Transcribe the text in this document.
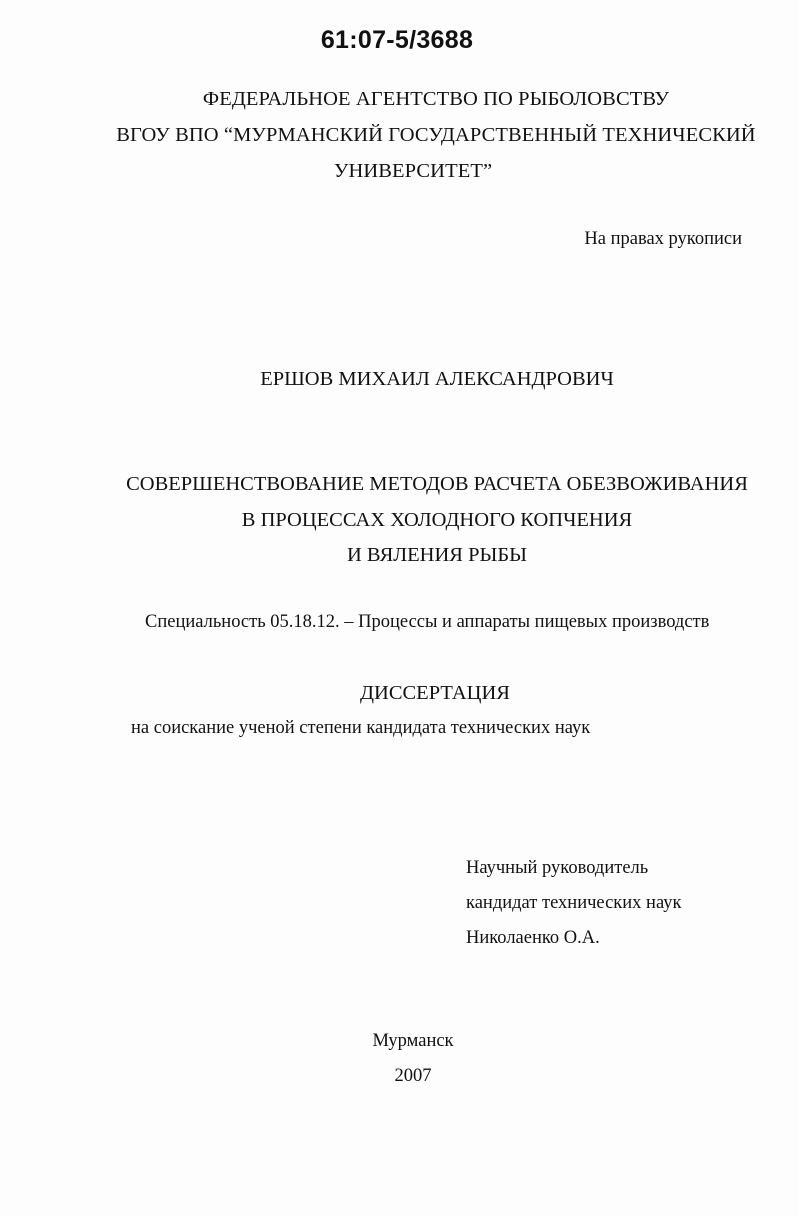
61:07-5/3688
ФЕДЕРАЛЬНОЕ АГЕНТСТВО ПО РЫБОЛОВСТВУ
ВГОУ ВПО “МУРМАНСКИЙ ГОСУДАРСТВЕННЫЙ ТЕХНИЧЕСКИЙ
УНИВЕРСИТЕТ”
На правах рукописи
ЕРШОВ МИХАИЛ АЛЕКСАНДРОВИЧ
СОВЕРШЕНСТВОВАНИЕ МЕТОДОВ РАСЧЕТА ОБЕЗВОЖИВАНИЯ
В ПРОЦЕССАХ ХОЛОДНОГО КОПЧЕНИЯ
И ВЯЛЕНИЯ РЫБЫ
Специальность 05.18.12. – Процессы и аппараты пищевых производств
ДИССЕРТАЦИЯ
на соискание ученой степени кандидата технических наук
Научный руководитель
кандидат технических наук
Николаенко О.А.
Мурманск
2007
